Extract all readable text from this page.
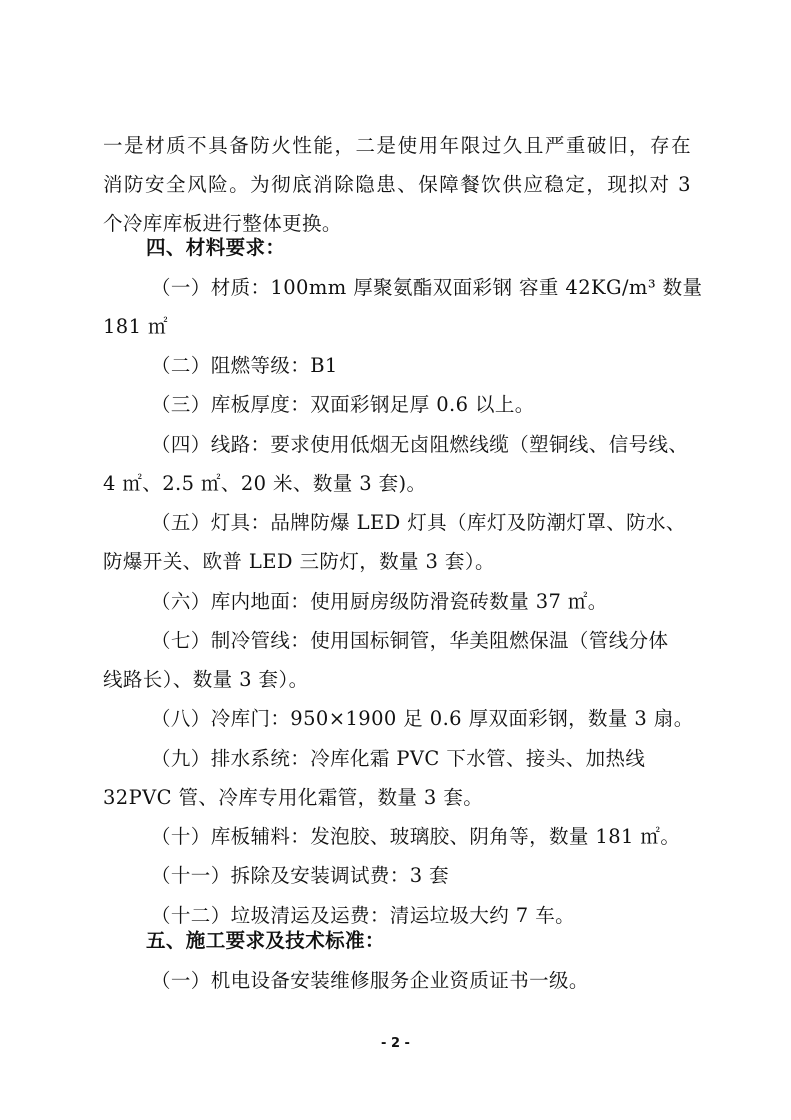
一是材质不具备防火性能，二是使用年限过久且严重破旧，存在
消防安全风险。为彻底消除隐患、保障餐饮供应稳定，现拟对 3
个冷库库板进行整体更换。
四、材料要求：
（一）材质：100mm 厚聚氨酯双面彩钢 容重 42KG/m³ 数量
181 ㎡
（二）阻燃等级：B1
（三）库板厚度：双面彩钢足厚 0.6 以上。
（四）线路：要求使用低烟无卤阻燃线缆（塑铜线、信号线、
4 ㎡、2.5 ㎡、20 米、数量 3 套)。
（五）灯具：品牌防爆 LED 灯具（库灯及防潮灯罩、防水、
防爆开关、欧普 LED 三防灯，数量 3 套）。
（六）库内地面：使用厨房级防滑瓷砖数量 37 ㎡。
（七）制冷管线：使用国标铜管，华美阻燃保温（管线分体
线路长）、数量 3 套）。
（八）冷库门：950×1900 足 0.6 厚双面彩钢，数量 3 扇。
（九）排水系统：冷库化霜 PVC 下水管、接头、加热线
32PVC 管、冷库专用化霜管，数量 3 套。
（十）库板辅料：发泡胶、玻璃胶、阴角等，数量 181 ㎡。
（十一）拆除及安装调试费：3 套
（十二）垃圾清运及运费：清运垃圾大约 7 车。
五、施工要求及技术标准：
（一）机电设备安装维修服务企业资质证书一级。
- 2 -
